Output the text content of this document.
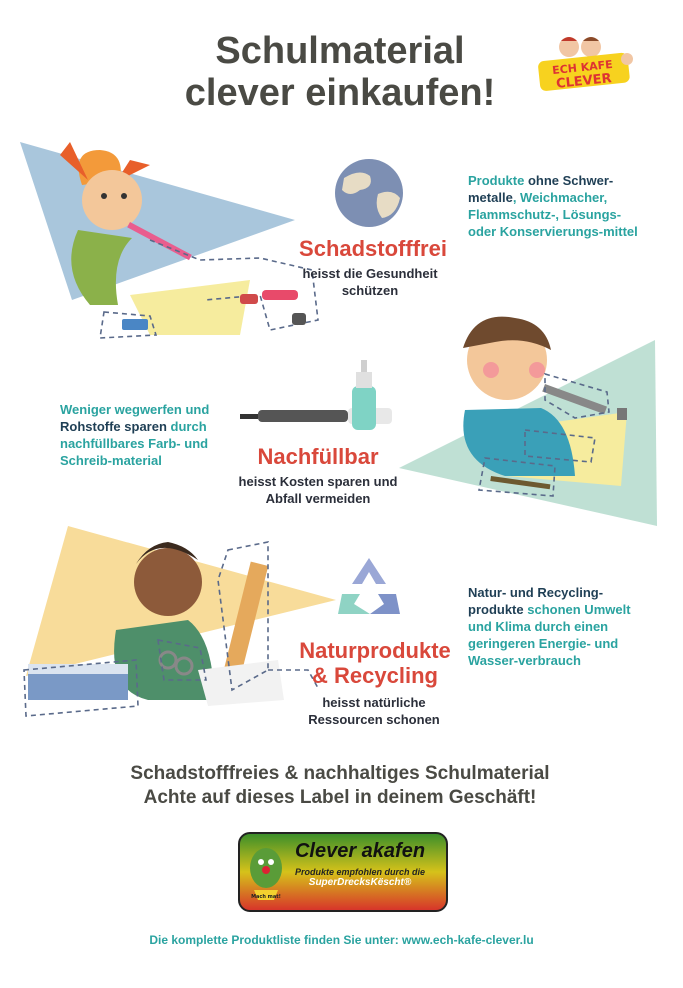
Schulmaterial
clever einkaufen!
ECH KAFE
CLEVER
Schadstofffrei
heisst die Gesundheit schützen
Produkte ohne Schwer-metalle, Weichmacher, Flammschutz-, Lösungs- oder Konservierungs-mittel
Weniger wegwerfen und Rohstoffe sparen durch nachfüllbares Farb- und Schreib-material	Nachfüllbar
heisst Kosten sparen und Abfall vermeiden
Naturprodukte
& Recycling
heisst natürliche Ressourcen schonen
Natur- und Recycling-produkte schonen Umwelt und Klima durch einen geringeren Energie- und Wasser-verbrauch
Schadstofffreies & nachhaltiges Schulmaterial
Achte auf dieses Label in deinem Geschäft!
Mach mat!
Clever akafen
Produkte empfohlen durch die
SuperDrecksKëscht®
Die komplette Produktliste finden Sie unter: www.ech-kafe-clever.lu
